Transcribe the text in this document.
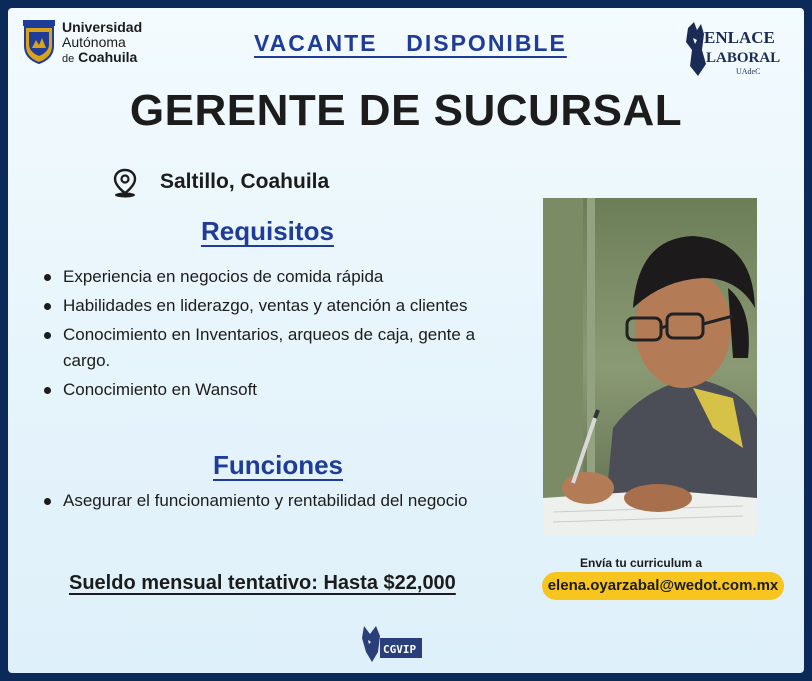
Universidad
Autónoma
de Coahuila
VACANTE  DISPONIBLE	ENLACE
LABORAL
UAdeC
GERENTE DE SUCURSAL
Saltillo, Coahuila
Requisitos
Experiencia en negocios de comida rápida
Habilidades en liderazgo, ventas y atención a clientes
Conocimiento en Inventarios, arqueos de caja, gente a cargo.
Conocimiento en Wansoft
Funciones
Asegurar el funcionamiento y rentabilidad del negocio
Sueldo mensual tentativo: Hasta $22,000
Envía tu curriculum a
elena.oyarzabal@wedot.com.mx
CGVIP
